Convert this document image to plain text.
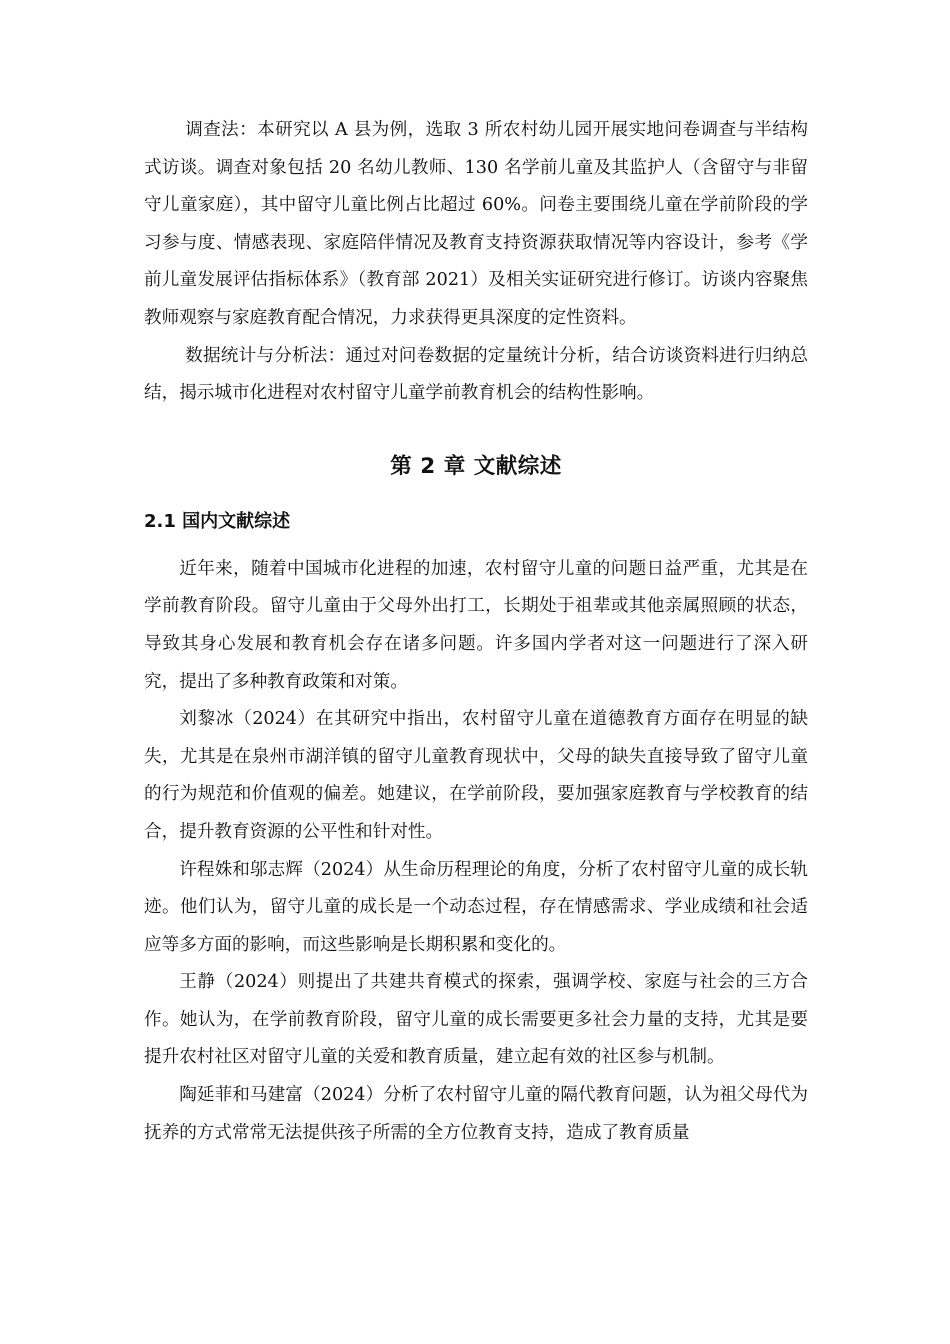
调查法：本研究以 A 县为例，选取 3 所农村幼儿园开展实地问卷调查与半结构式访谈。调查对象包括 20 名幼儿教师、130 名学前儿童及其监护人（含留守与非留守儿童家庭），其中留守儿童比例占比超过 60%。问卷主要围绕儿童在学前阶段的学习参与度、情感表现、家庭陪伴情况及教育支持资源获取情况等内容设计，参考《学前儿童发展评估指标体系》（教育部 2021）及相关实证研究进行修订。访谈内容聚焦教师观察与家庭教育配合情况，力求获得更具深度的定性资料。

数据统计与分析法：通过对问卷数据的定量统计分析，结合访谈资料进行归纳总结，揭示城市化进程对农村留守儿童学前教育机会的结构性影响。

第 2 章 文献综述
2.1 国内文献综述

近年来，随着中国城市化进程的加速，农村留守儿童的问题日益严重，尤其是在学前教育阶段。留守儿童由于父母外出打工，长期处于祖辈或其他亲属照顾的状态，导致其身心发展和教育机会存在诸多问题。许多国内学者对这一问题进行了深入研究，提出了多种教育政策和对策。

刘黎冰（2024）在其研究中指出，农村留守儿童在道德教育方面存在明显的缺失，尤其是在泉州市湖洋镇的留守儿童教育现状中，父母的缺失直接导致了留守儿童的行为规范和价值观的偏差。她建议，在学前阶段，要加强家庭教育与学校教育的结合，提升教育资源的公平性和针对性。

许程姝和邬志辉（2024）从生命历程理论的角度，分析了农村留守儿童的成长轨迹。他们认为，留守儿童的成长是一个动态过程，存在情感需求、学业成绩和社会适应等多方面的影响，而这些影响是长期积累和变化的。

王静（2024）则提出了共建共育模式的探索，强调学校、家庭与社会的三方合作。她认为，在学前教育阶段，留守儿童的成长需要更多社会力量的支持，尤其是要提升农村社区对留守儿童的关爱和教育质量，建立起有效的社区参与机制。

陶延菲和马建富（2024）分析了农村留守儿童的隔代教育问题，认为祖父母代为抚养的方式常常无法提供孩子所需的全方位教育支持，造成了教育质量
